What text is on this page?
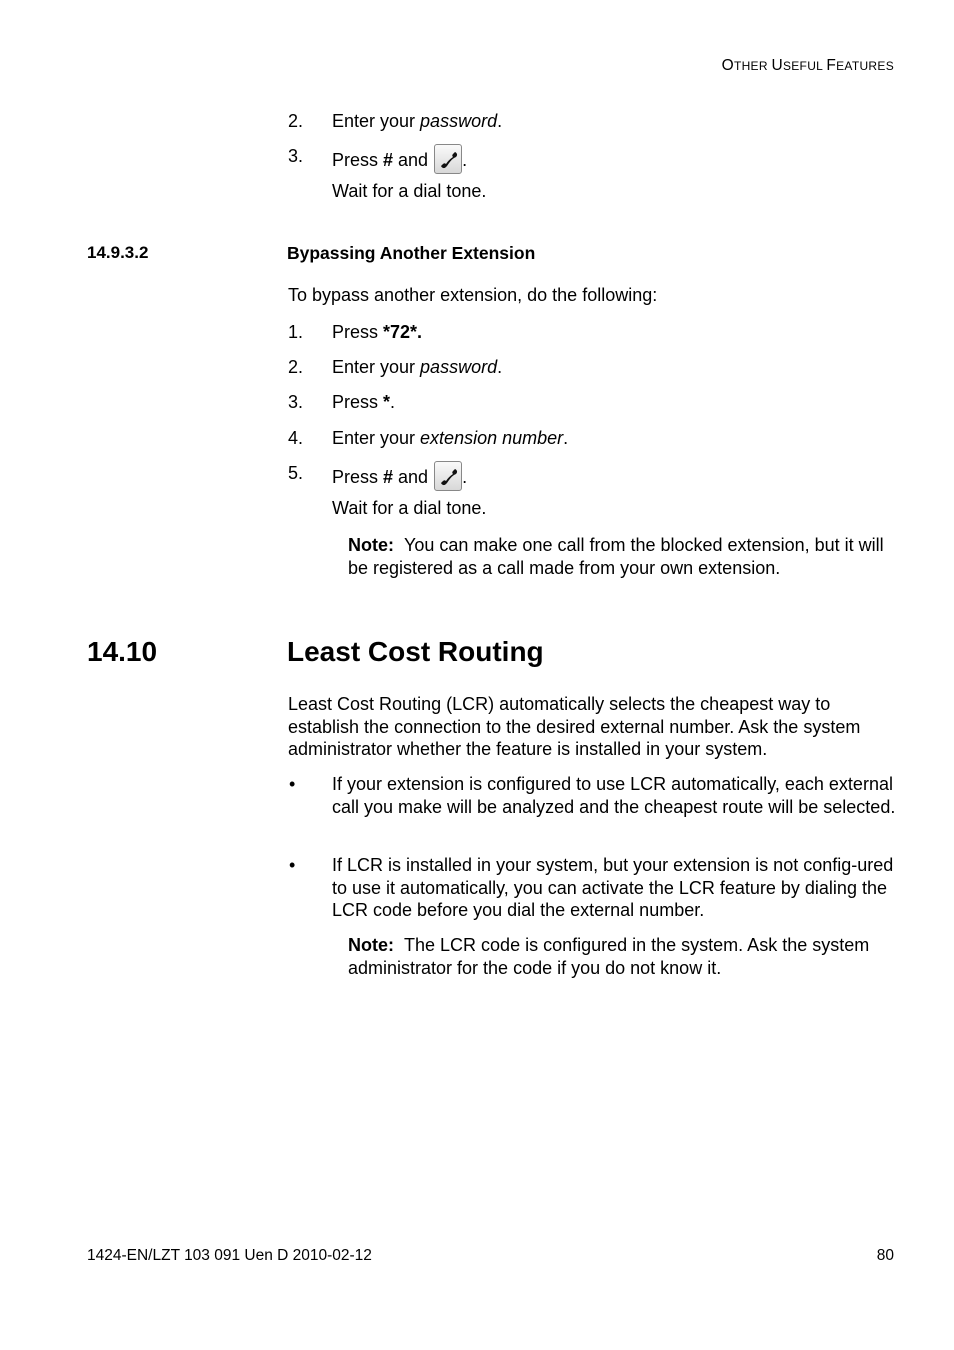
OTHER USEFUL FEATURES
2. Enter your password.
3. Press # and .
Wait for a dial tone.
14.9.3.2	Bypassing Another Extension
To bypass another extension, do the following:
1. Press *72*.
2. Enter your password.
3. Press *.
4. Enter your extension number.
5. Press # and .
Wait for a dial tone.
Note: You can make one call from the blocked extension, but it will be registered as a call made from your own extension.
14.10	Least Cost Routing
Least Cost Routing (LCR) automatically selects the cheapest way to establish the connection to the desired external number. Ask the system administrator whether the feature is installed in your system.
• If your extension is configured to use LCR automatically, each external call you make will be analyzed and the cheapest route will be selected.
• If LCR is installed in your system, but your extension is not config-ured to use it automatically, you can activate the LCR feature by dialing the LCR code before you dial the external number.
Note: The LCR code is configured in the system. Ask the system administrator for the code if you do not know it.
1424-EN/LZT 103 091 Uen D 2010-02-12	80
